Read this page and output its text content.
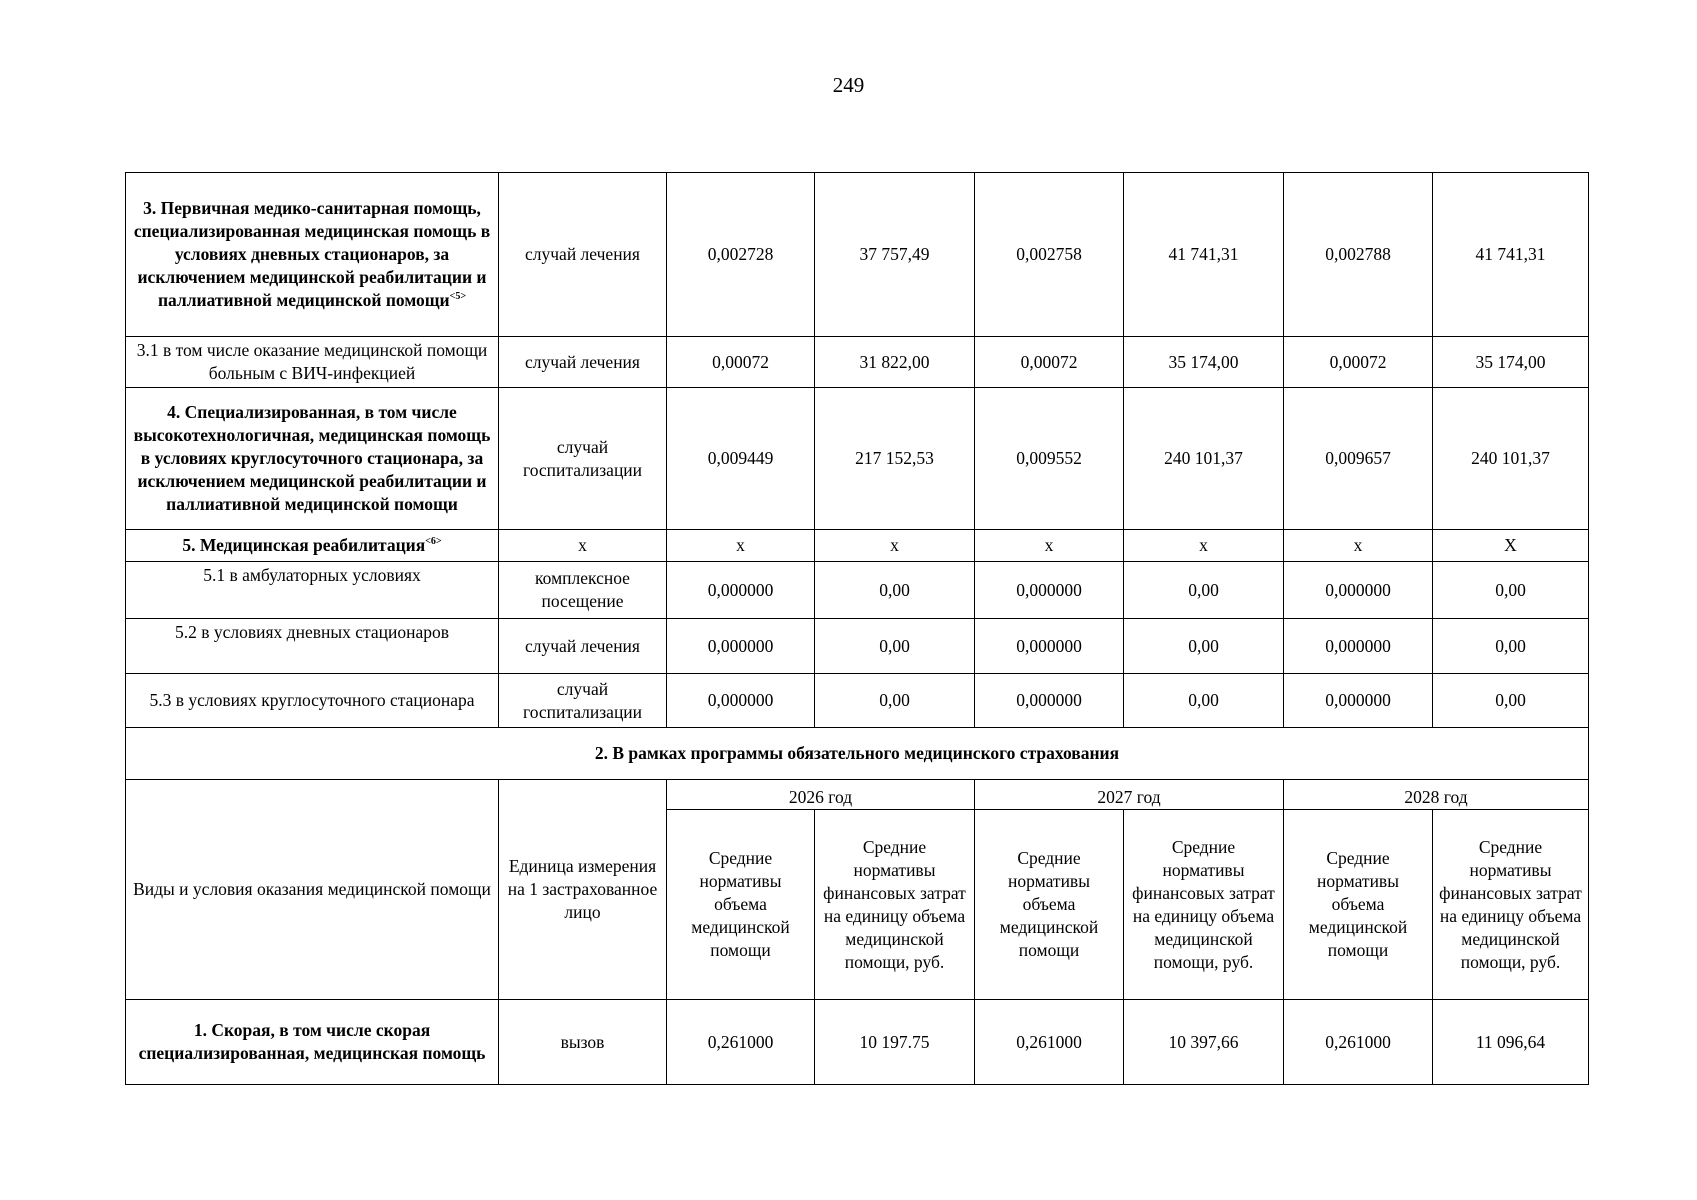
249
3. Первичная медико-санитарная помощь, специализированная медицинская помощь в условиях дневных стационаров, за исключением медицинской реабилитации и паллиативной медицинской помощи$^{<5>}$	случай лечения	0,002728	37 757,49	0,002758	41 741,31	0,002788	41 741,31
3.1 в том числе оказание медицинской помощи больным с ВИЧ-инфекцией	случай лечения	0,00072	31 822,00	0,00072	35 174,00	0,00072	35 174,00
4. Специализированная, в том числе высокотехнологичная, медицинская помощь в условиях круглосуточного стационара, за исключением медицинской реабилитации и паллиативной медицинской помощи	случай госпитализации	0,009449	217 152,53	0,009552	240 101,37	0,009657	240 101,37
5. Медицинская реабилитация$^{<6>}$	х	х	х	х	х	х	Х
5.1 в амбулаторных условиях	комплексное посещение	0,000000	0,00	0,000000	0,00	0,000000	0,00
5.2 в условиях дневных стационаров	случай лечения	0,000000	0,00	0,000000	0,00	0,000000	0,00
5.3 в условиях круглосуточного стационара	случай госпитализации	0,000000	0,00	0,000000	0,00	0,000000	0,00
2. В рамках программы обязательного медицинского страхования							
Виды и условия оказания медицинской помощи	Единица измерения на 1 застрахованное лицо	2026 год		2027 год		2028 год	
		Средние нормативы объема медицинской помощи	Средние нормативы финансовых затрат на единицу объема медицинской помощи, руб.	Средние нормативы объема медицинской помощи	Средние нормативы финансовых затрат на единицу объема медицинской помощи, руб.	Средние нормативы объема медицинской помощи	Средние нормативы финансовых затрат на единицу объема медицинской помощи, руб.
1. Скорая, в том числе скорая специализированная, медицинская помощь	вызов	0,261000	10 197.75	0,261000	10 397,66	0,261000	11 096,64
